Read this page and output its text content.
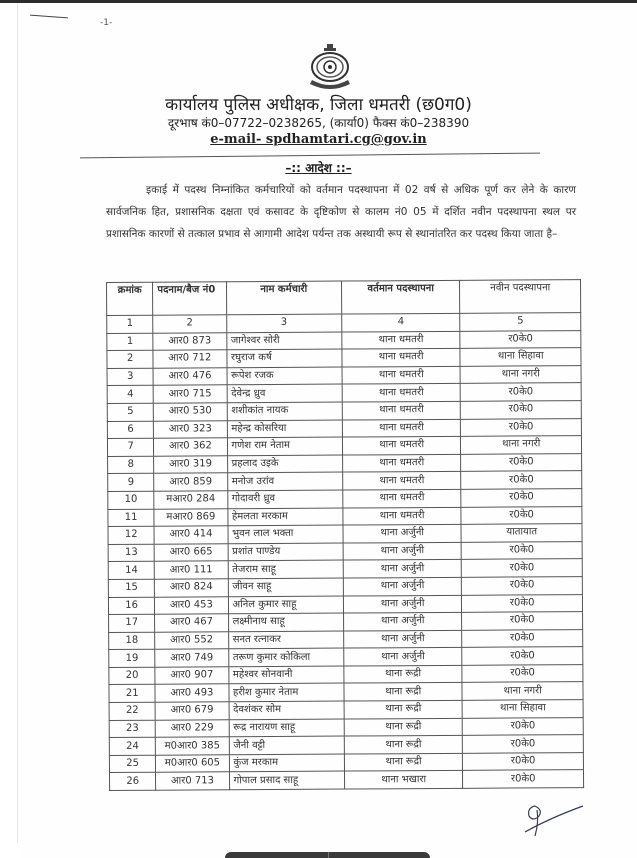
-1-
कार्यालय पुलिस अधीक्षक, जिला धमतरी (छ0ग0)
दूरभाष कं0–07722–0238265, (कार्या0) फैक्स कं0–238390
e-mail- spdhamtari.cg@gov.in
–:: आदेश ::–
इकाई में पदस्थ निम्नांकित कर्मचारियों को वर्तमान पदस्थापना में 02 वर्ष से अधिक पूर्ण कर लेने के कारण सार्वजनिक हित, प्रशासनिक दक्षता एवं कसावट के दृष्टिकोण से कालम नं0 05 में दर्शित नवीन पदस्थापना स्थल पर प्रशासनिक कारणों से तत्काल प्रभाव से आगामी आदेश पर्यन्त तक अस्थायी रूप से स्थानांतरित कर पदस्थ किया जाता है–
क्रमांक	पदनाम/बैज नं0	नाम कर्मचारी	वर्तमान पदस्थापना	नवीन पदस्थापना
1	2	3	4	5
1	आर0 873	जागेश्वर सोरी	थाना धमतरी	र0के0
2	आर0 712	रघुराज कर्ष	थाना धमतरी	थाना सिहावा
3	आर0 476	रूपेश रजक	थाना धमतरी	थाना नगरी
4	आर0 715	देवेन्द्र ध्रुव	थाना धमतरी	र0के0
5	आर0 530	शशीकांत नायक	थाना धमतरी	र0के0
6	आर0 323	महेन्द्र कोसरिया	थाना धमतरी	र0के0
7	आर0 362	गणेश राम नेताम	थाना धमतरी	थाना नगरी
8	आर0 319	प्रहलाद उइके	थाना धमतरी	र0के0
9	आर0 859	मनोज उरांव	थाना धमतरी	र0के0
10	मआर0 284	गोदावरी ध्रुव	थाना धमतरी	र0के0
11	मआर0 869	हेमलता मरकाम	थाना धमतरी	र0के0
12	आर0 414	भुवन लाल भक्ता	थाना अर्जुनी	यातायात
13	आर0 665	प्रशांत पाण्डेय	थाना अर्जुनी	र0के0
14	आर0 111	तेजराम साहू	थाना अर्जुनी	र0के0
15	आर0 824	जीवन साहू	थाना अर्जुनी	र0के0
16	आर0 453	अनिल कुमार साहू	थाना अर्जुनी	र0के0
17	आर0 467	लक्ष्मीनाथ साहू	थाना अर्जुनी	र0के0
18	आर0 552	सनत रत्नाकर	थाना अर्जुनी	र0के0
19	आर0 749	तरूण कुमार कोकिला	थाना अर्जुनी	र0के0
20	आर0 907	महेश्वर सोनवानी	थाना रूद्री	र0के0
21	आर0 493	हरीश कुमार नेताम	थाना रूद्री	थाना नगरी
22	आर0 679	देवशंकर सोम	थाना रूद्री	थाना सिहावा
23	आर0 229	रूद्र नारायण साहू	थाना रूद्री	र0के0
24	म0आर0 385	जैनी वट्टी	थाना रूद्री	र0के0
25	म0आर0 605	कुंज मरकाम	थाना रूद्री	र0के0
26	आर0 713	गोपाल प्रसाद साहू	थाना भखारा	र0के0
